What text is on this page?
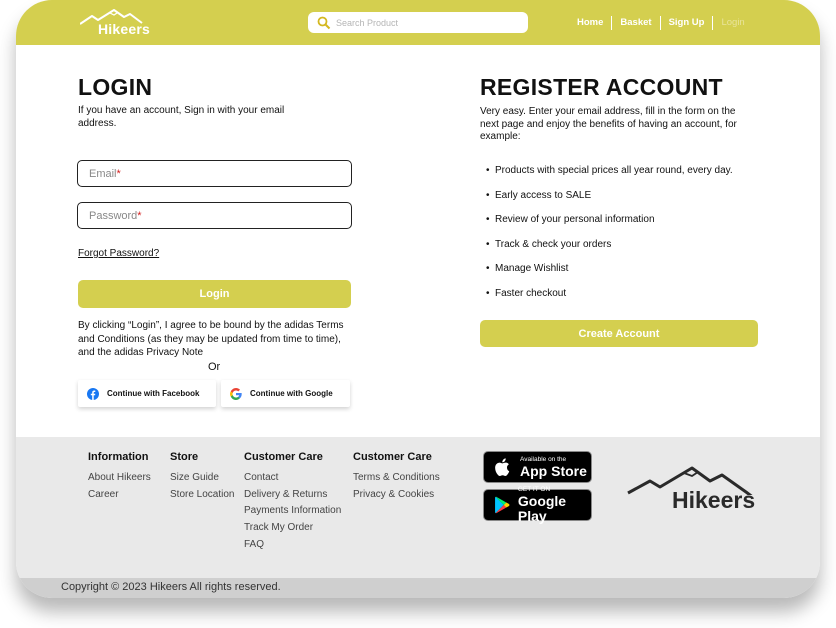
Hikeers
Search Product	Home	Basket	Sign Up	Login
LOGIN

If you have an account, Sign in with your email address.

Email *
Password *
Forgot Password?
Login

By clicking “Login”, I agree to be bound by the adidas Terms and Conditions (as they may be updated from time to time), and the adidas Privacy Note

Or
Continue with Facebook	Continue with Google
REGISTER ACCOUNT

Very easy. Enter your email address, fill in the form on the next page and enjoy the benefits of having an account, for example:

• Products with special prices all year round, every day.
• Early access to SALE
• Review of your personal information
• Track & check your orders
• Manage Wishlist
• Faster checkout
Create Account
Information
About Hikeers
Career
Store
Size Guide
Store Location
Customer Care
Contact
Delivery & Returns
Payments Information
Track My Order
FAQ
Customer Care
Terms & Conditions
Privacy & Cookies
Available on the
App Store
GET IT ON
Google Play
Hikeers
Copyright © 2023 Hikeers All rights reserved.
